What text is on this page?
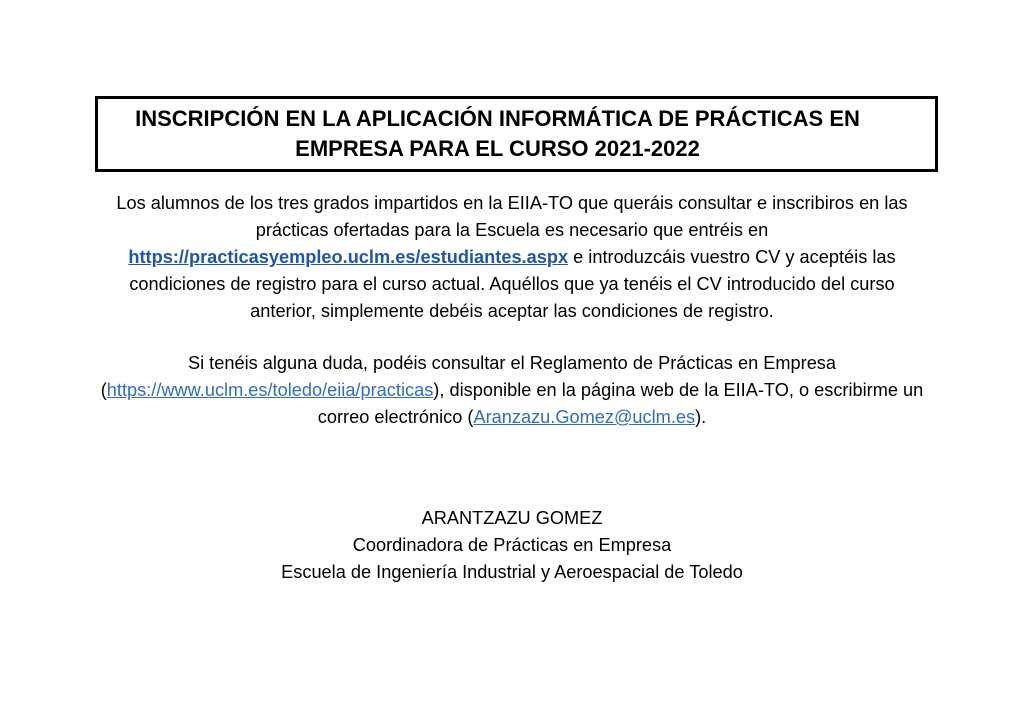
INSCRIPCIÓN EN LA APLICACIÓN INFORMÁTICA DE PRÁCTICAS EN
EMPRESA PARA EL CURSO 2021-2022
Los alumnos de los tres grados impartidos en la EIIA-TO que queráis consultar e inscribiros en las prácticas ofertadas para la Escuela es necesario que entréis en https://practicasyempleo.uclm.es/estudiantes.aspx e introduzcáis vuestro CV y aceptéis las condiciones de registro para el curso actual. Aquéllos que ya tenéis el CV introducido del curso anterior, simplemente debéis aceptar las condiciones de registro.
Si tenéis alguna duda, podéis consultar el Reglamento de Prácticas en Empresa (https://www.uclm.es/toledo/eiia/practicas), disponible en la página web de la EIIA-TO, o escribirme un correo electrónico (Aranzazu.Gomez@uclm.es).
ARANTZAZU GOMEZ
Coordinadora de Prácticas en Empresa
Escuela de Ingeniería Industrial y Aeroespacial de Toledo
